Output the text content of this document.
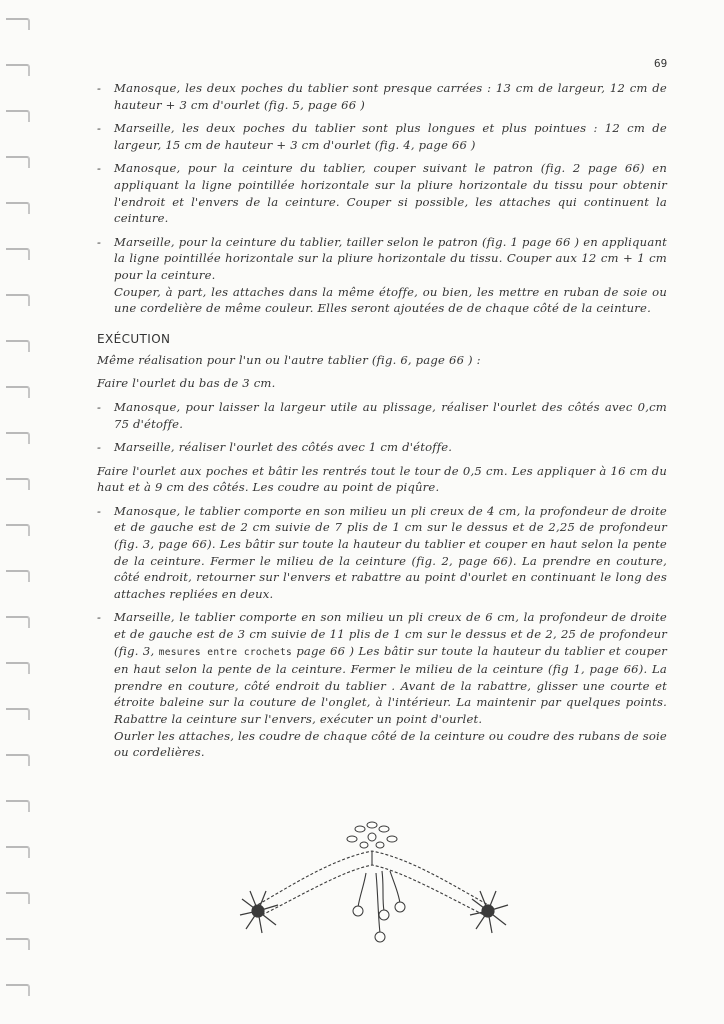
69
- Manosque, les deux poches du tablier sont presque carrées : 13 cm de largeur, 12 cm de hauteur + 3 cm d'ourlet (fig. 5, page 66 )
- Marseille, les deux poches du tablier sont plus longues et plus pointues : 12 cm de largeur, 15 cm de hauteur + 3 cm d'ourlet (fig. 4, page 66 )
- Manosque, pour la ceinture du tablier, couper suivant le patron (fig. 2 page 66) en appliquant la ligne pointillée horizontale sur la pliure horizontale du tissu pour obtenir l'endroit et l'envers de la ceinture. Couper si possible, les attaches qui continuent la ceinture.
- Marseille, pour la ceinture du tablier, tailler selon le patron (fig. 1 page 66 ) en appliquant la ligne pointillée horizontale sur la pliure horizontale du tissu. Couper aux 12 cm + 1 cm pour la ceinture.
Couper, à part, les attaches dans la même étoffe, ou bien, les mettre en ruban de soie ou une cordelière de même couleur. Elles seront ajoutées de de chaque côté de la ceinture.
EXÉCUTION

Même réalisation pour l'un ou l'autre tablier (fig. 6, page 66 ) :

Faire l'ourlet du bas de 3 cm.

- Manosque, pour laisser la largeur utile au plissage, réaliser l'ourlet des côtés avec 0,cm 75 d'étoffe.
- Marseille, réaliser l'ourlet des côtés avec 1 cm d'étoffe.

Faire l'ourlet aux poches et bâtir les rentrés tout le tour de 0,5 cm. Les appliquer à 16 cm du haut et à 9 cm des côtés. Les coudre au point de piqûre.

- Manosque, le tablier comporte en son milieu un pli creux de 4 cm, la profondeur de droite et de gauche est de 2 cm suivie de 7 plis de 1 cm sur le dessus et de 2,25 de profondeur (fig. 3, page 66). Les bâtir sur toute la hauteur du tablier et couper en haut selon la pente de la ceinture. Fermer le milieu de la ceinture (fig. 2, page 66). La prendre en couture, côté endroit, retourner sur l'envers et rabattre au point d'ourlet en continuant le long des attaches repliées en deux.
- Marseille, le tablier comporte en son milieu un pli creux de 6 cm, la profondeur de droite et de gauche est de 3 cm suivie de 11 plis de 1 cm sur le dessus et de 2, 25 de profondeur (fig. 3, mesures entre crochets page 66 ) Les bâtir sur toute la hauteur du tablier et couper en haut selon la pente de la ceinture. Fermer le milieu de la ceinture (fig 1, page 66). La prendre en couture, côté endroit du tablier . Avant de la rabattre, glisser une courte et étroite baleine sur la couture de l'onglet, à l'intérieur. La maintenir par quelques points. Rabattre la ceinture sur l'envers, exécuter un point d'ourlet.
Ourler les attaches, les coudre de chaque côté de la ceinture ou coudre des rubans de soie ou cordelières.
